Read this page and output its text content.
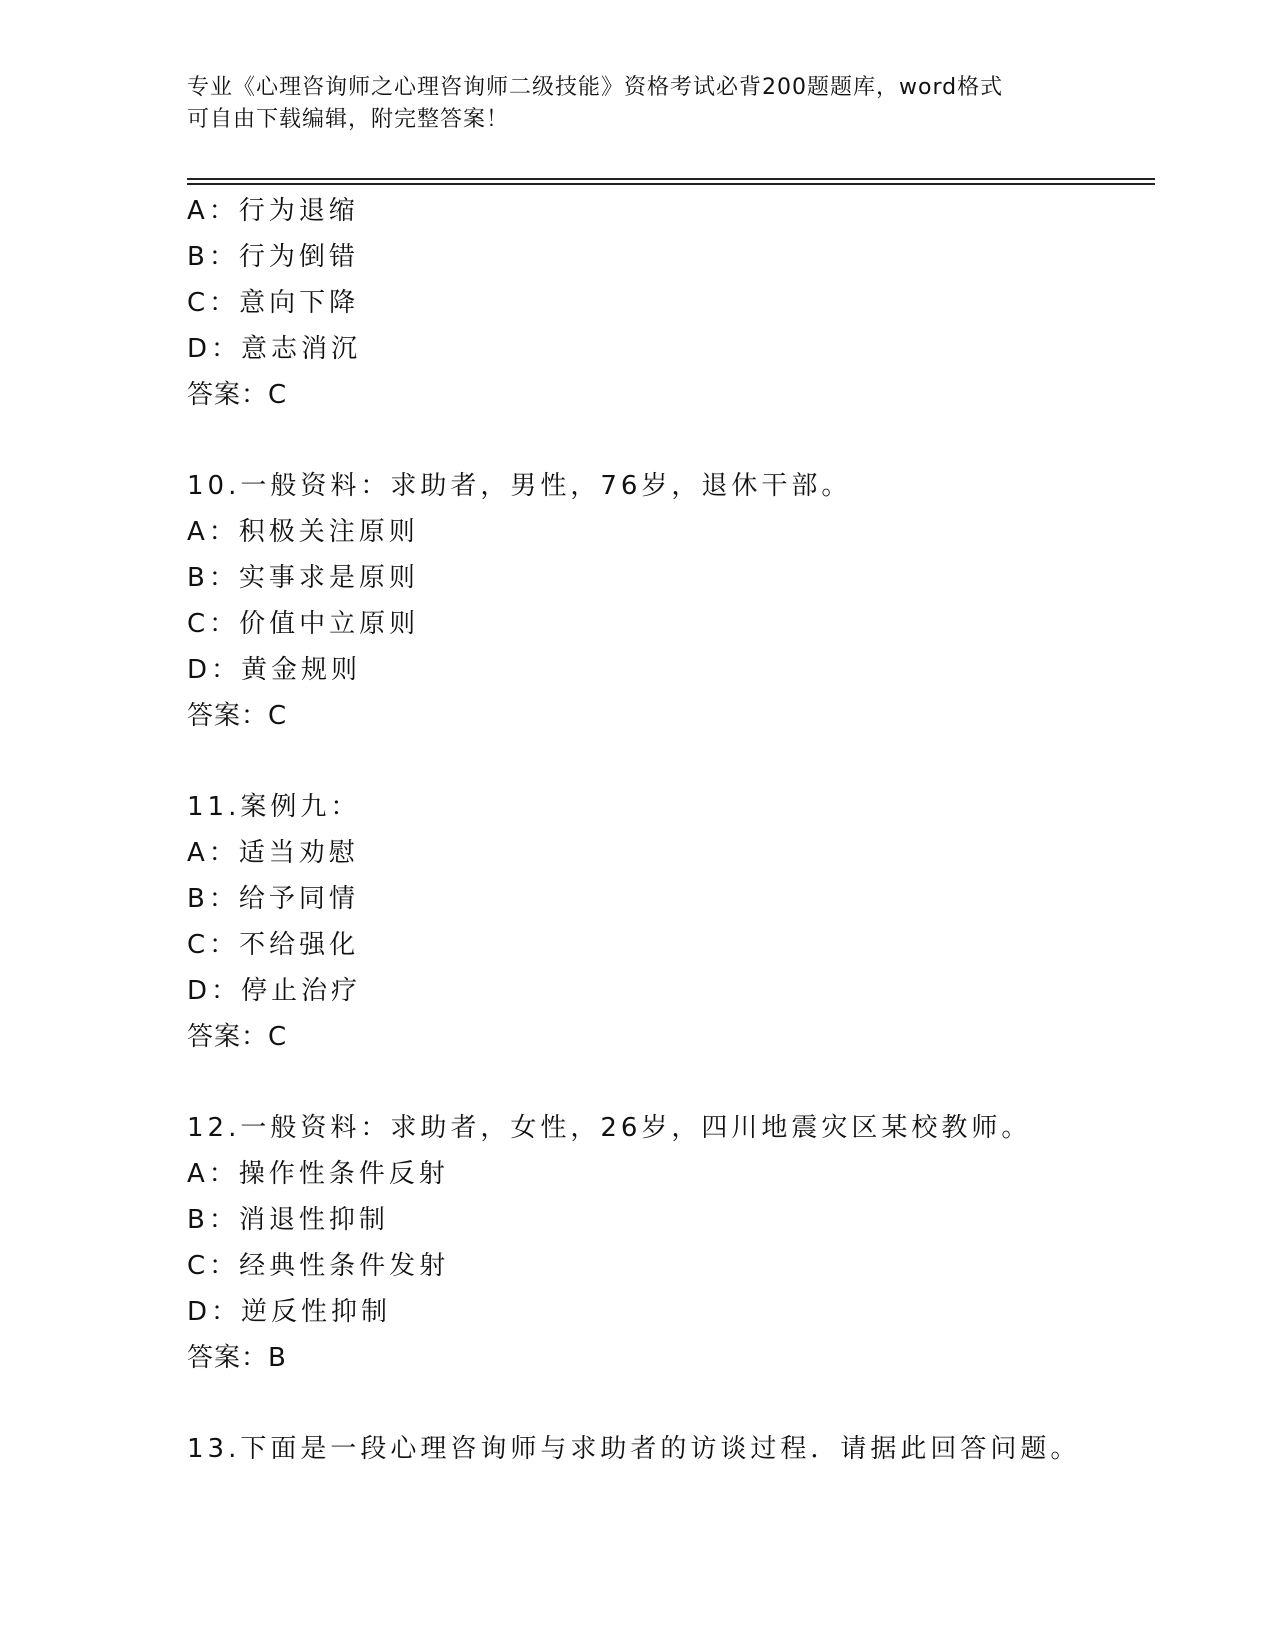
专业《心理咨询师之心理咨询师二级技能》资格考试必背200题题库，word格式
可自由下载编辑，附完整答案！
A：行为退缩
B：行为倒错
C：意向下降
D：意志消沉
答案：C
10.一般资料：求助者，男性，76岁，退休干部。
A：积极关注原则
B：实事求是原则
C：价值中立原则
D：黄金规则
答案：C
11.案例九：
A：适当劝慰
B：给予同情
C：不给强化
D：停止治疗
答案：C
12.一般资料：求助者，女性，26岁，四川地震灾区某校教师。
A：操作性条件反射
B：消退性抑制
C：经典性条件发射
D：逆反性抑制
答案：B
13.下面是一段心理咨询师与求助者的访谈过程．请据此回答问题。
